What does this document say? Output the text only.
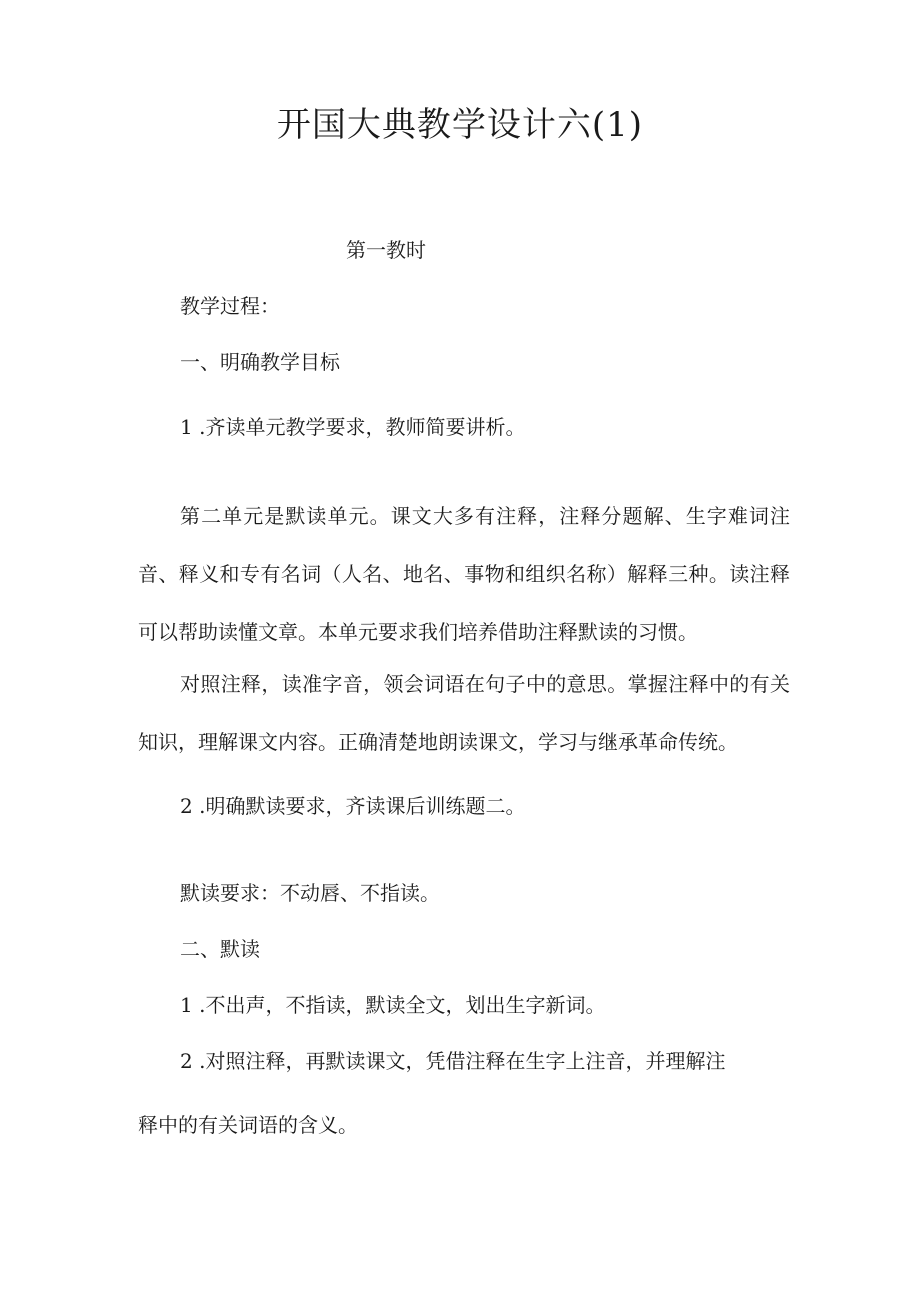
开国大典教学设计六(1)
第一教时
教学过程：
一、明确教学目标
1 .齐读单元教学要求，教师简要讲析。

第二单元是默读单元。课文大多有注释，注释分题解、生字难词注音、释义和专有名词（人名、地名、事物和组织名称）解释三种。读注释可以帮助读懂文章。本单元要求我们培养借助注释默读的习惯。

对照注释，读准字音，领会词语在句子中的意思。掌握注释中的有关知识，理解课文内容。正确清楚地朗读课文，学习与继承革命传统。

2 .明确默读要求，齐读课后训练题二。
默读要求：不动唇、不指读。
二、默读
1 .不出声，不指读，默读全文，划出生字新词。
2 .对照注释，再默读课文，凭借注释在生字上注音，并理解注
释中的有关词语的含义。
